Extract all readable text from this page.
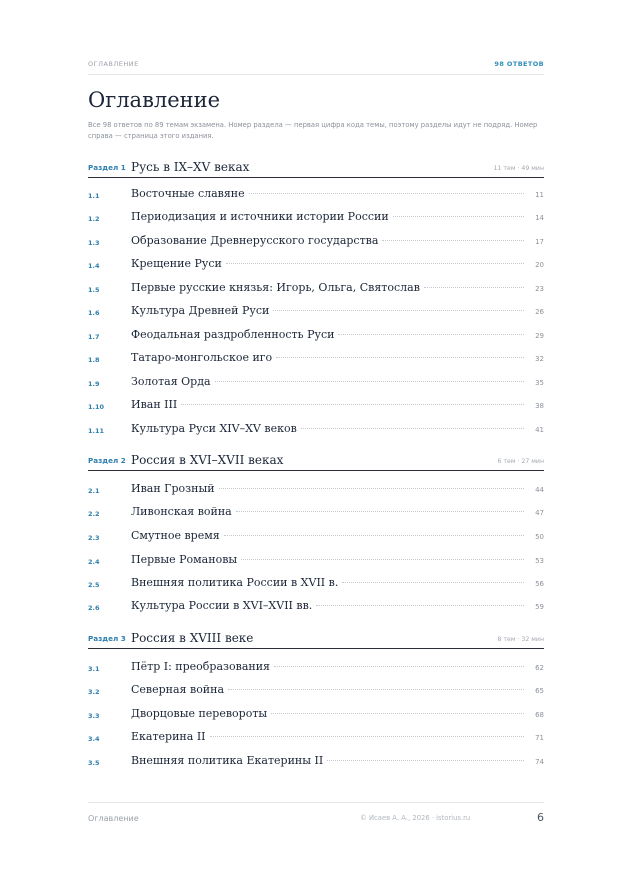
ОГЛАВЛЕНИЕ	98 ОТВЕТОВ
Оглавление
Все 98 ответов по 89 темам экзамена. Номер раздела — первая цифра кода темы, поэтому разделы идут не подряд. Номер справа — страница этого издания.
Раздел 1 Русь в IX–XV веках	11 тем · 49 мин
1.1	Восточные славяне	11
1.2	Периодизация и источники истории России	14
1.3	Образование Древнерусского государства	17
1.4	Крещение Руси	20
1.5	Первые русские князья: Игорь, Ольга, Святослав	23
1.6	Культура Древней Руси	26
1.7	Феодальная раздробленность Руси	29
1.8	Татаро-монгольское иго	32
1.9	Золотая Орда	35
1.10 Иван III	38
1.11 Культура Руси XIV–XV веков	41
Раздел 2 Россия в XVI–XVII веках	6 тем · 27 мин
2.1	Иван Грозный	44
2.2	Ливонская война	47
2.3	Смутное время	50
2.4	Первые Романовы	53
2.5	Внешняя политика России в XVII в.	56
2.6	Культура России в XVI–XVII вв.	59
Раздел 3 Россия в XVIII веке	8 тем · 32 мин
3.1	Пётр I: преобразования	62
3.2	Северная война	65
3.3	Дворцовые перевороты	68
3.4	Екатерина II	71
3.5	Внешняя политика Екатерины II	74
Оглавление	© Исаев А. А., 2026 · istorius.ru	6
